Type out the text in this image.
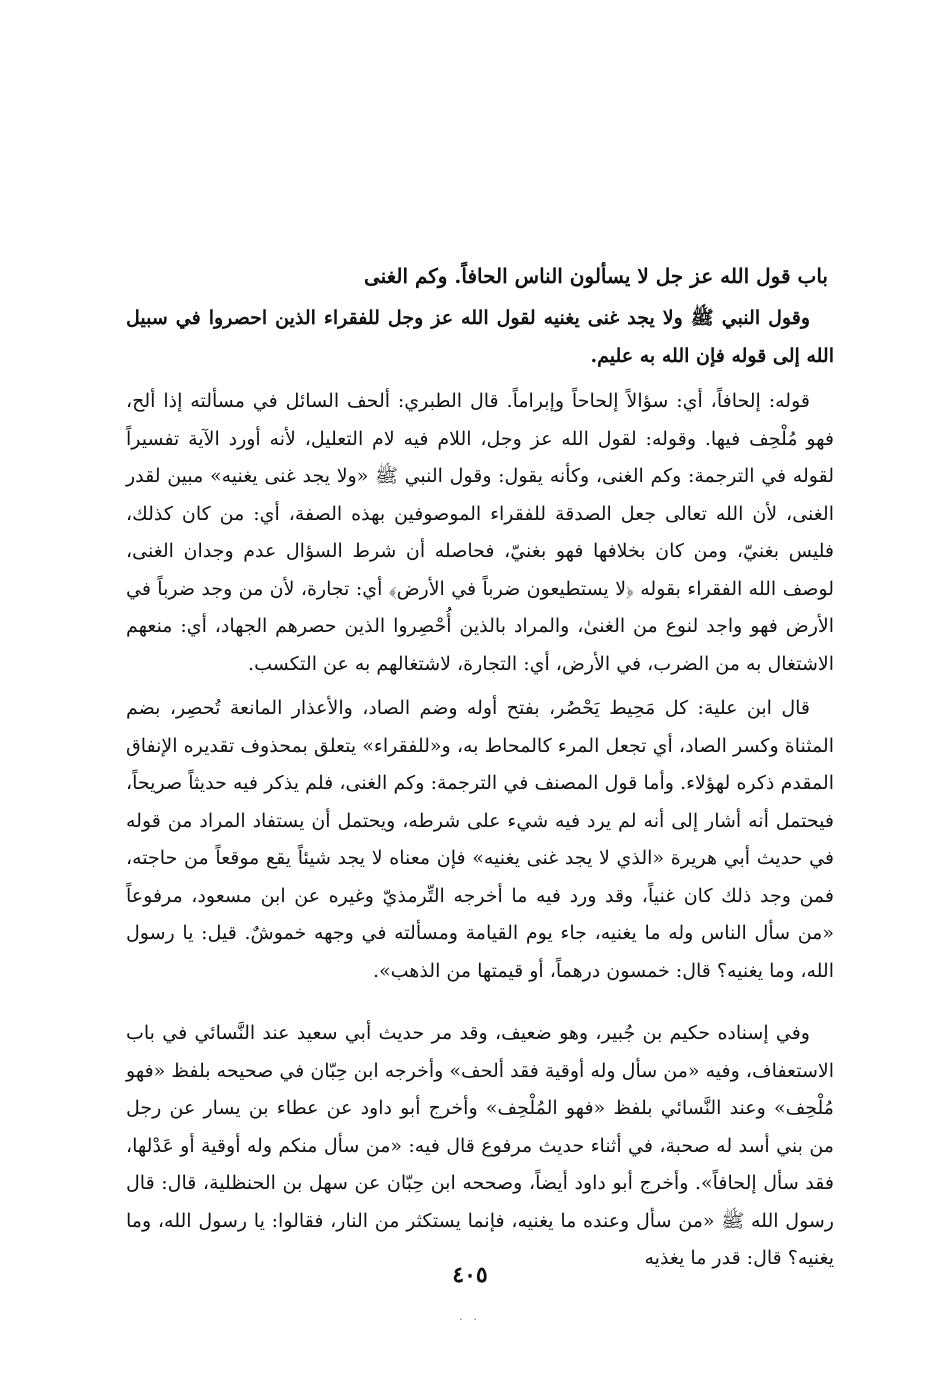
باب قول الله عز جل لا يسألون الناس الحافاً. وكم الغنى
وقول النبي ﷺ ولا يجد غنى يغنيه لقول الله عز وجل للفقراء الذين احصروا في سبيل الله إلى قوله فإن الله به عليم.
قوله: إلحافاً، أي: سؤالاً إلحاحاً وإبراماً. قال الطبري: ألحف السائل في مسألته إذا ألح، فهو مُلْحِف فيها. وقوله: لقول الله عز وجل، اللام فيه لام التعليل، لأنه أورد الآية تفسيراً لقوله في الترجمة: وكم الغنى، وكأنه يقول: وقول النبي ﷺ «ولا يجد غنى يغنيه» مبين لقدر الغنى، لأن الله تعالى جعل الصدقة للفقراء الموصوفين بهذه الصفة، أي: من كان كذلك، فليس بغنيّ، ومن كان بخلافها فهو بغنيّ، فحاصله أن شرط السؤال عدم وجدان الغنى، لوصف الله الفقراء بقوله ﴿لا يستطيعون ضرباً في الأرض﴾ أي: تجارة، لأن من وجد ضرباً في الأرض فهو واجد لنوع من الغنىٰ، والمراد بالذين أُحْصِروا الذين حصرهم الجهاد، أي: منعهم الاشتغال به من الضرب، في الأرض، أي: التجارة، لاشتغالهم به عن التكسب.
قال ابن علية: كل مَحِيط يَحْصُر، بفتح أوله وضم الصاد، والأعذار المانعة تُحصِر، بضم المثناة وكسر الصاد، أي تجعل المرء كالمحاط به، و«للفقراء» يتعلق بمحذوف تقديره الإنفاق المقدم ذكره لهؤلاء. وأما قول المصنف في الترجمة: وكم الغنى، فلم يذكر فيه حديثاً صريحاً، فيحتمل أنه أشار إلى أنه لم يرد فيه شيء على شرطه، ويحتمل أن يستفاد المراد من قوله في حديث أبي هريرة «الذي لا يجد غنى يغنيه» فإن معناه لا يجد شيئاً يقع موقعاً من حاجته، فمن وجد ذلك كان غنياً، وقد ورد فيه ما أخرجه التِّرمذيّ وغيره عن ابن مسعود، مرفوعاً «من سأل الناس وله ما يغنيه، جاء يوم القيامة ومسألته في وجهه خموشٌ. قيل: يا رسول الله، وما يغنيه؟ قال: خمسون درهماً، أو قيمتها من الذهب».
وفي إسناده حكيم بن جُبير، وهو ضعيف، وقد مر حديث أبي سعيد عند النَّسائي في باب الاستعفاف، وفيه «من سأل وله أوقية فقد ألحف» وأخرجه ابن حِبّان في صحيحه بلفظ «فهو مُلْحِف» وعند النَّسائي بلفظ «فهو المُلْحِف» وأخرج أبو داود عن عطاء بن يسار عن رجل من بني أسد له صحبة، في أثناء حديث مرفوع قال فيه: «من سأل منكم وله أوقية أو عَدْلها، فقد سأل إلحافاً». وأخرج أبو داود أيضاً، وصححه ابن حِبّان عن سهل بن الحنظلية، قال: قال رسول الله ﷺ «من سأل وعنده ما يغنيه، فإنما يستكثر من النار، فقالوا: يا رسول الله، وما يغنيه؟ قال: قدر ما يغذيه
٤٠٥
. .
